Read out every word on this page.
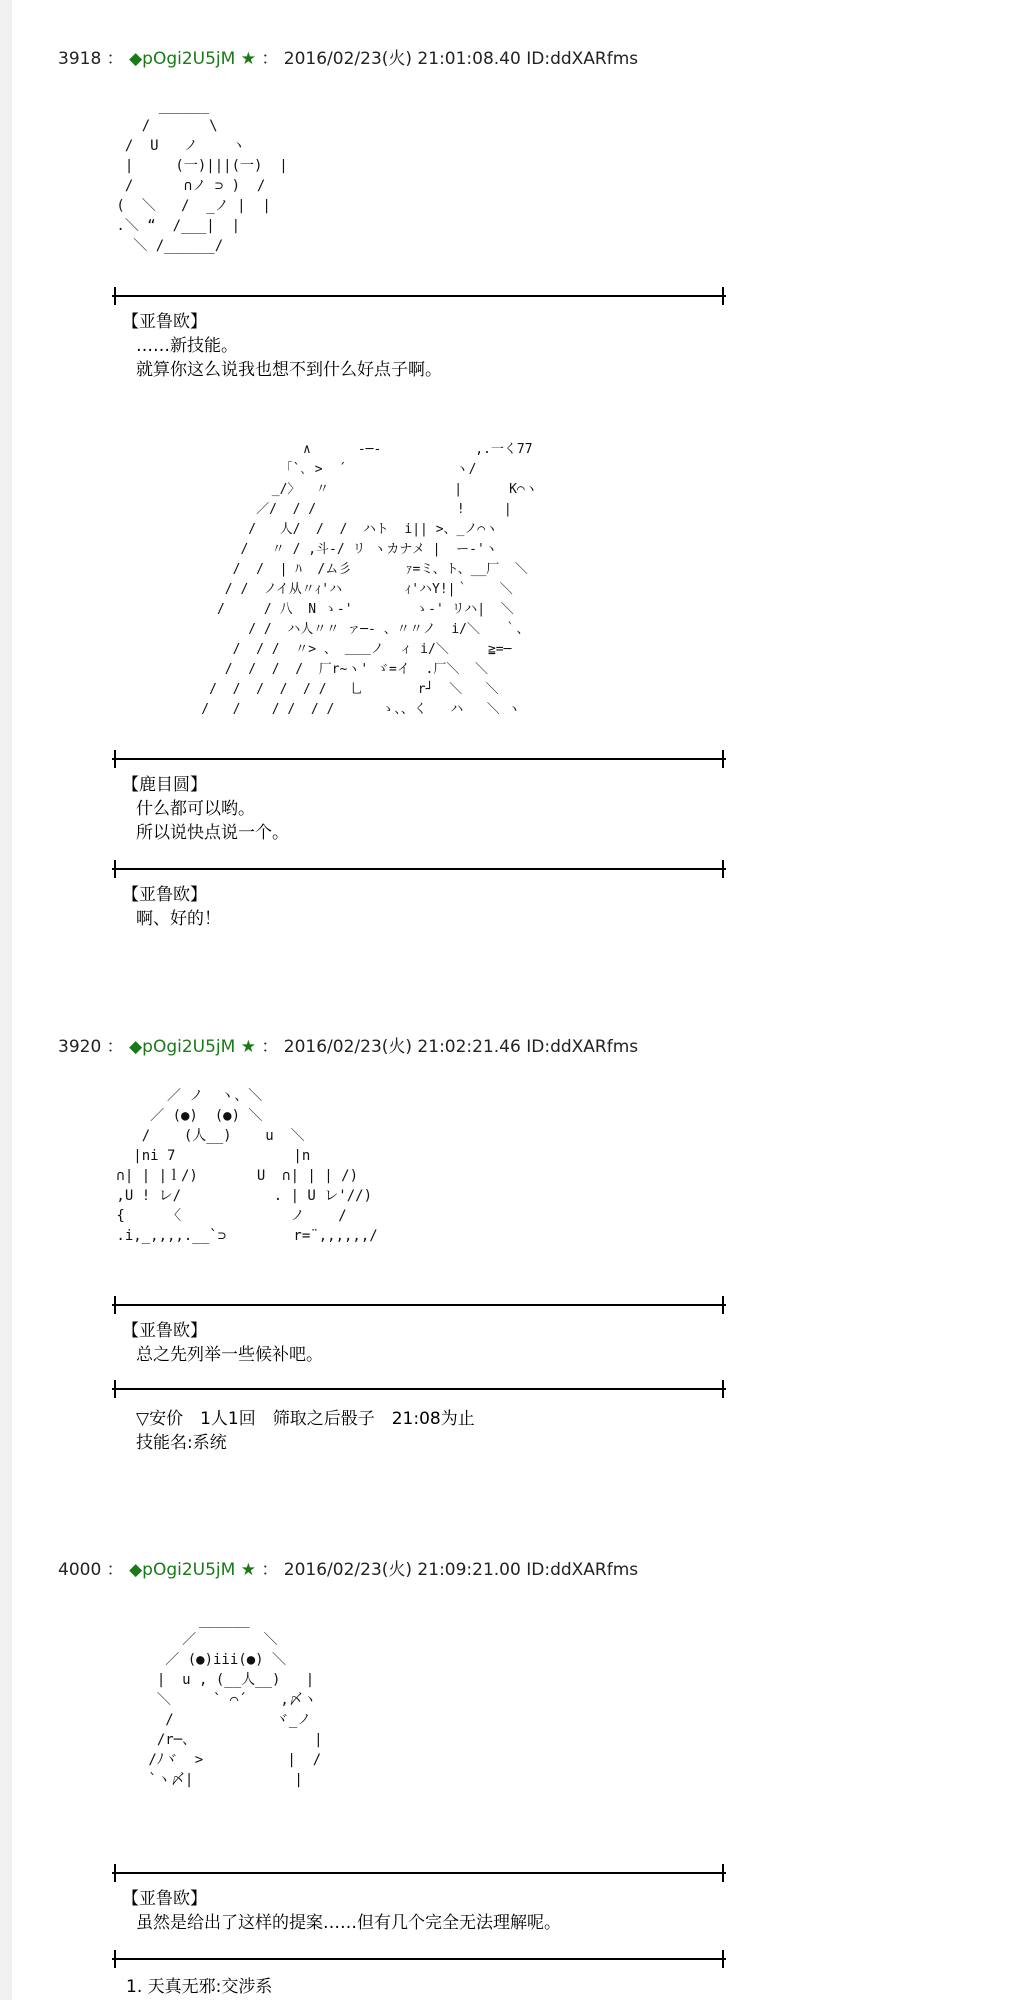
3918 ： ◆pOgi2U5jM ★ ： 2016/02/23(火) 21:01:08.40 ID:ddXARfms
______
/       \
/  U   ノ    ヽ
|     (一)|||(一)  |
/      ∩ノ ⊃ )  /
(  ＼   /  _ノ |  |
.＼ “  /___|  |
＼ /______/
【亚鲁欧】
……新技能。
就算你这么说我也想不到什么好点子啊。
∧      -─‐            ,.一く77
「`､ >  ´              ヽ/
_/〉  〃                |      K⌒ヽ
／/  / /                  !     |
/   人/  /  /  ハト  i|| >、_ノ⌒ヽ
/   〃 / ,斗-/ リ ヽカナメ |  ー‐'ヽ
/  /  | ﾊ  /ム彡       ｧ=ミ、ト、__厂  ＼
/ /  ノイ从〃ｨ'ハ        ｨ'ハY!|｀    ＼
/     / 八  N ゝ-'        ゝ-' リハ|  ＼
/ /  ハ人〃〃 ァ─‐ 、〃〃ノ  i/＼   ｀、
/  / /  〃> 、 ＿＿ノ  ィ i/＼     ≧=─
/  /  /  /  厂r~ヽ' ゞ=イ  .厂＼  ＼
/  /  /  /  / /   乚       r┘  ＼   ＼
/   /    / /  / /      ゝ、、く   ハ   ＼ ヽ
【鹿目圆】
什么都可以哟。
所以说快点说一个。
【亚鲁欧】
啊、好的！
3920 ： ◆pOgi2U5jM ★ ： 2016/02/23(火) 21:02:21.46 ID:ddXARfms
／ ノ  ヽ、＼
／ (●)  (●) ＼
/    (人__)    u  ＼
|ni 7              |n
∩| | |ｌ/)       U  ∩| | | /)
,U ! レ/           . | U レ'//)
{     〈             ノ    /
.i,_,,,,.__`⊃        r=¨,,,,,,/
【亚鲁欧】
总之先列举一些候补吧。
▽安价　1人1回　筛取之后骰子　21:08为止
技能名:系统
4000 ： ◆pOgi2U5jM ★ ： 2016/02/23(火) 21:09:21.00 ID:ddXARfms
______
／        ＼
／ (●)iii(●) ＼
|  u , (__人__)   |
＼     ` ⌒´    ,〆ヽ
/            ヾ_ノ
/r─、              |
/ﾉヾ  >          |  /
`ヽ〆|            |
【亚鲁欧】
虽然是给出了这样的提案……但有几个完全无法理解呢。
1. 天真无邪:交涉系
